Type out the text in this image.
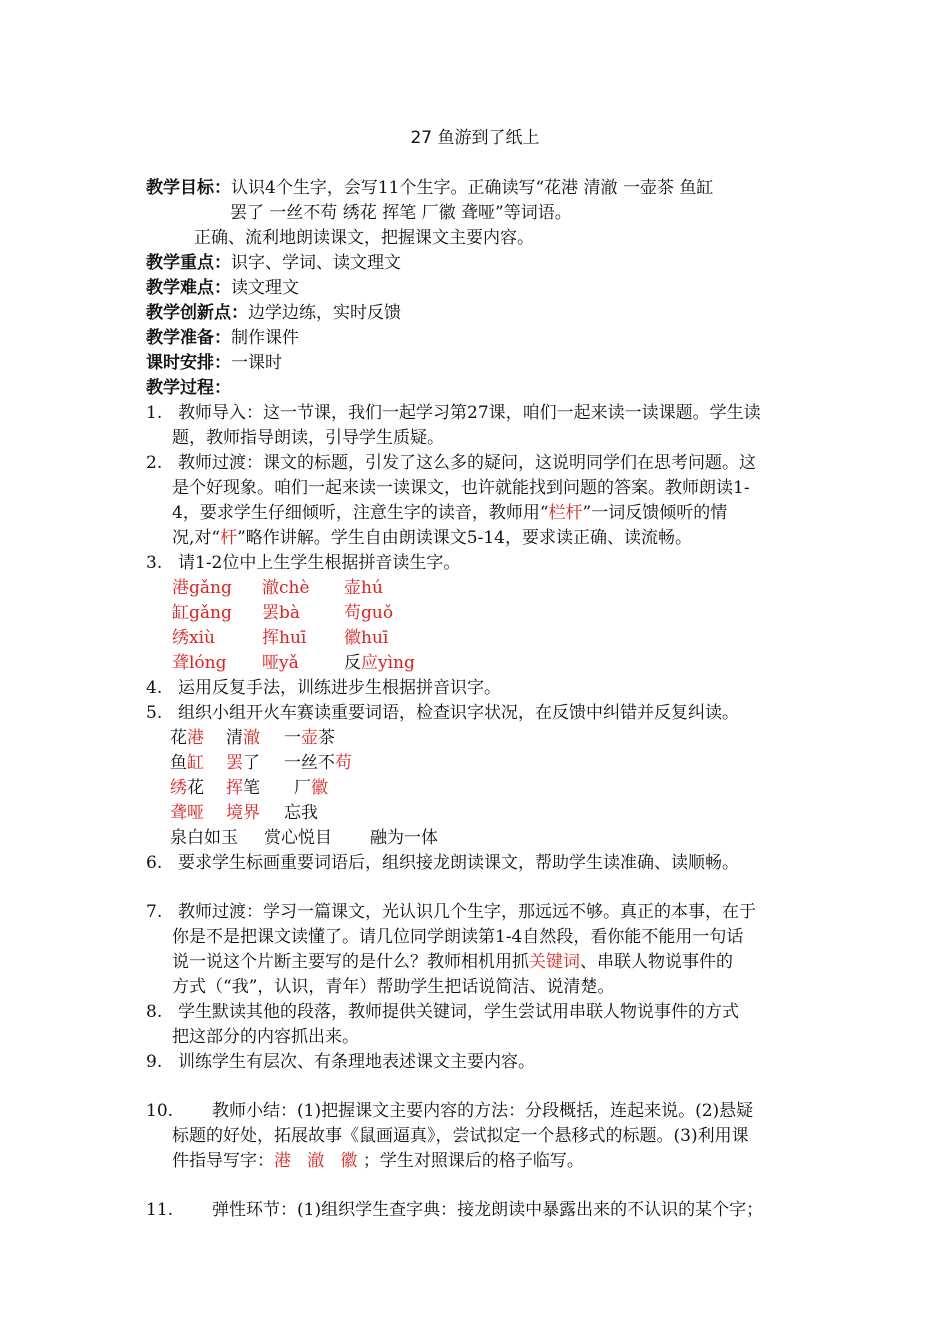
27 鱼游到了纸上
教学目标：认识4个生字，会写11个生字。正确读写“花港 清澈 一壶茶 鱼缸
罢了 一丝不苟 绣花 挥笔 厂徽 聋哑”等词语。
正确、流利地朗读课文，把握课文主要内容。
教学重点：识字、学词、读文理文
教学难点：读文理文
教学创新点：边学边练，实时反馈
教学准备：制作课件
课时安排：一课时
教学过程：
1. 教师导入：这一节课，我们一起学习第27课，咱们一起来读一读课题。学生读
题，教师指导朗读，引导学生质疑。
2. 教师过渡：课文的标题，引发了这么多的疑问，这说明同学们在思考问题。这
是个好现象。咱们一起来读一读课文，也许就能找到问题的答案。教师朗读1-
4，要求学生仔细倾听，注意生字的读音，教师用“栏杆”一词反馈倾听的情
况,对“杆”略作讲解。学生自由朗读课文5-14，要求读正确、读流畅。
3. 请1-2位中上生学生根据拼音读生字。
港gǎng 澈chè 壶hú
缸gǎng 罢bà	苟guǒ
绣xiù	挥huī 徽huī
聋lóng 哑yǎ	反应yìng
4. 运用反复手法，训练进步生根据拼音识字。
5. 组织小组开火车赛读重要词语，检查识字状况，在反馈中纠错并反复纠读。
花港 清澈 一壶茶
鱼缸 罢了 一丝不苟
绣花 挥笔 厂徽
聋哑 境界 忘我
泉白如玉 赏心悦目 融为一体
6. 要求学生标画重要词语后，组织接龙朗读课文，帮助学生读准确、读顺畅。
7. 教师过渡：学习一篇课文，光认识几个生字，那远远不够。真正的本事，在于
你是不是把课文读懂了。请几位同学朗读第1-4自然段，看你能不能用一句话
说一说这个片断主要写的是什么？教师相机用抓关键词、串联人物说事件的
方式（“我”，认识，青年）帮助学生把话说简洁、说清楚。
8. 学生默读其他的段落，教师提供关键词，学生尝试用串联人物说事件的方式
把这部分的内容抓出来。
9. 训练学生有层次、有条理地表述课文主要内容。
10. 教师小结：(1)把握课文主要内容的方法：分段概括，连起来说。(2)悬疑
标题的好处，拓展故事《鼠画逼真》，尝试拟定一个悬移式的标题。(3)利用课
件指导写字：港   澈   徽 ；学生对照课后的格子临写。
11. 弹性环节：(1)组织学生查字典：接龙朗读中暴露出来的不认识的某个字；
